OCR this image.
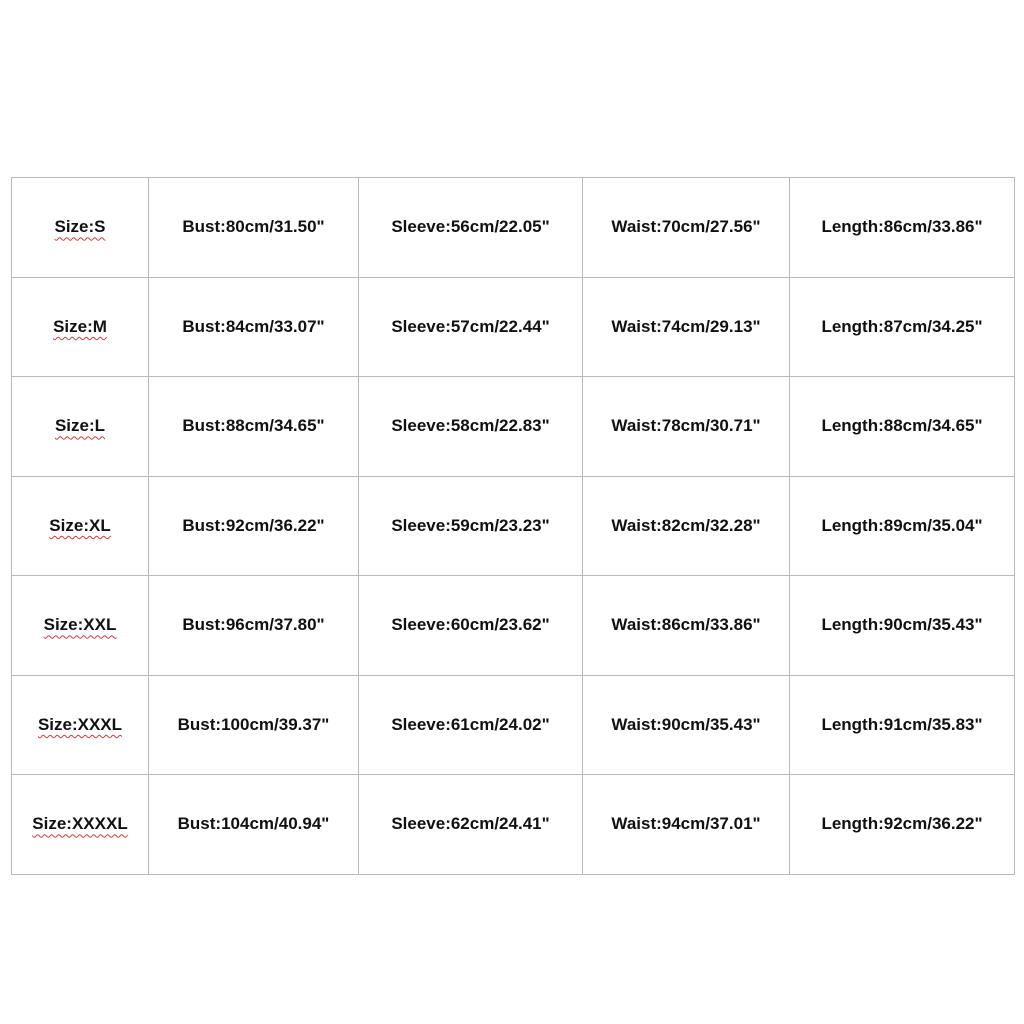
Size:S	Bust:80cm/31.50"	Sleeve:56cm/22.05"	Waist:70cm/27.56"	Length:86cm/33.86"
Size:M	Bust:84cm/33.07"	Sleeve:57cm/22.44"	Waist:74cm/29.13"	Length:87cm/34.25"
Size:L	Bust:88cm/34.65"	Sleeve:58cm/22.83"	Waist:78cm/30.71"	Length:88cm/34.65"
Size:XL	Bust:92cm/36.22"	Sleeve:59cm/23.23"	Waist:82cm/32.28"	Length:89cm/35.04"
Size:XXL	Bust:96cm/37.80"	Sleeve:60cm/23.62"	Waist:86cm/33.86"	Length:90cm/35.43"
Size:XXXL	Bust:100cm/39.37"	Sleeve:61cm/24.02"	Waist:90cm/35.43"	Length:91cm/35.83"
Size:XXXXL	Bust:104cm/40.94"	Sleeve:62cm/24.41"	Waist:94cm/37.01"	Length:92cm/36.22"
